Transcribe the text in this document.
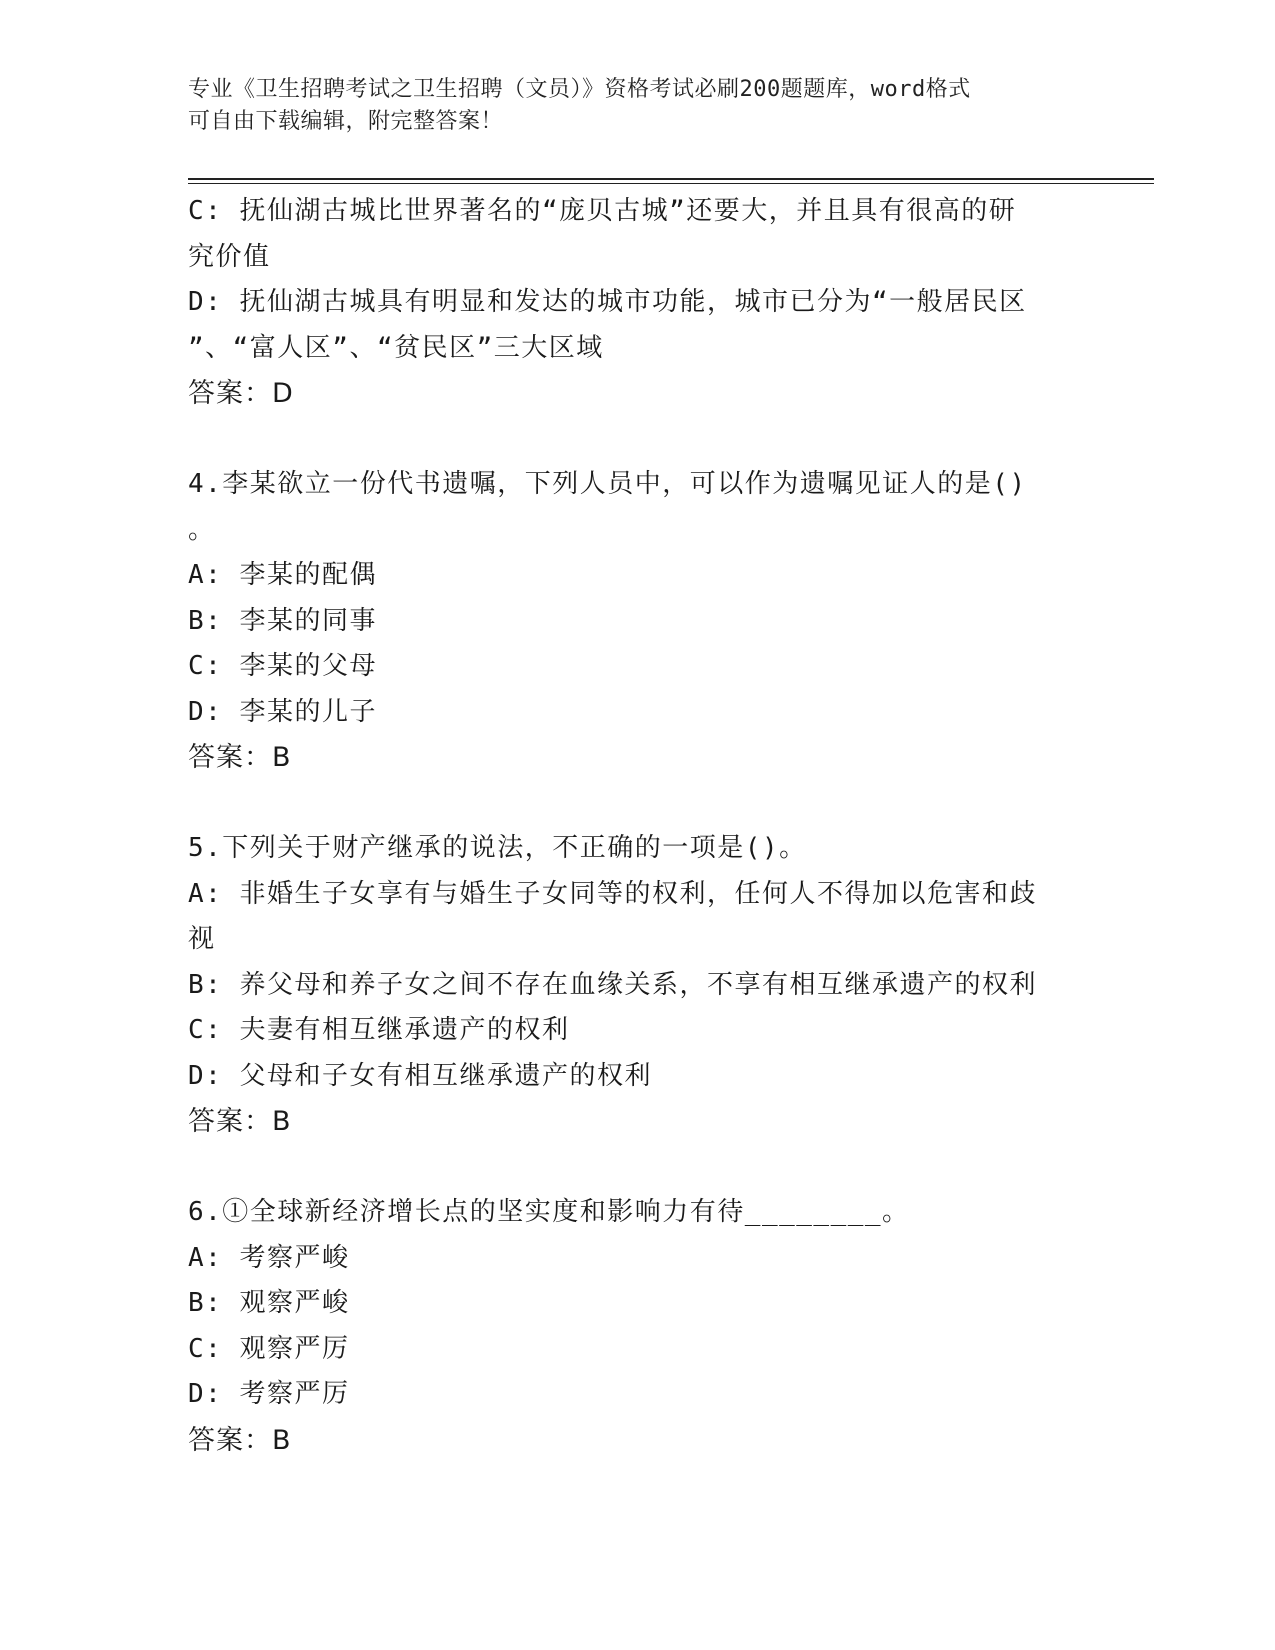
专业《卫生招聘考试之卫生招聘（文员）》资格考试必刷200题题库，word格式
可自由下载编辑，附完整答案！
C: 抚仙湖古城比世界著名的“庞贝古城”还要大，并且具有很高的研
究价值
D: 抚仙湖古城具有明显和发达的城市功能，城市已分为“一般居民区
”、“富人区”、“贫民区”三大区域
答案：D
4.李某欲立一份代书遗嘱，下列人员中，可以作为遗嘱见证人的是()
。
A: 李某的配偶
B: 李某的同事
C: 李某的父母
D: 李某的儿子
答案：B
5.下列关于财产继承的说法，不正确的一项是()。
A: 非婚生子女享有与婚生子女同等的权利，任何人不得加以危害和歧
视
B: 养父母和养子女之间不存在血缘关系，不享有相互继承遗产的权利
C: 夫妻有相互继承遗产的权利
D: 父母和子女有相互继承遗产的权利
答案：B
6.①全球新经济增长点的坚实度和影响力有待________。
A: 考察严峻
B: 观察严峻
C: 观察严厉
D: 考察严厉
答案：B
